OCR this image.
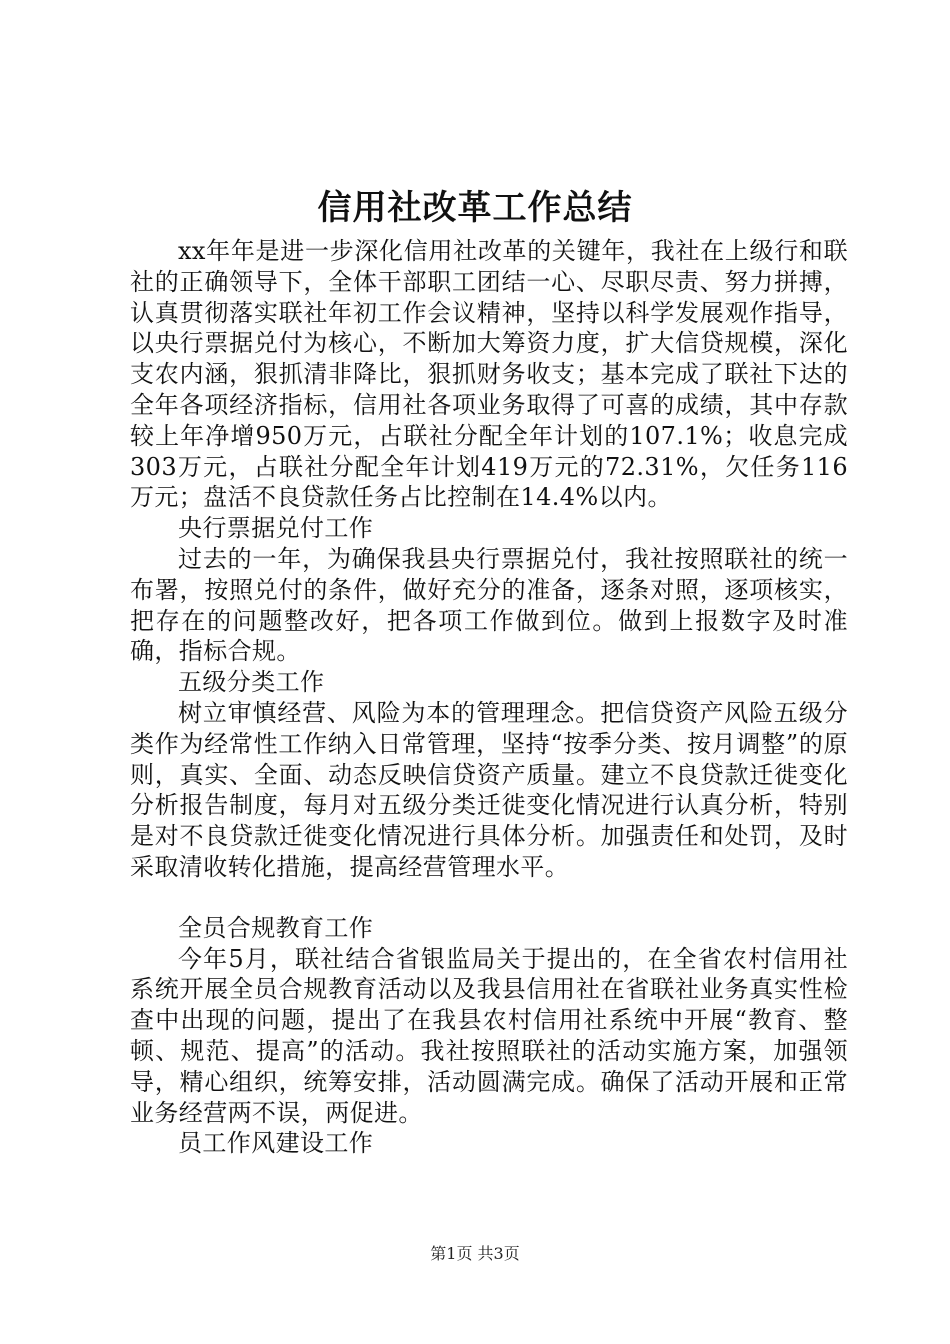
信用社改革工作总结

xx年年是进一步深化信用社改革的关键年，我社在上级行和联社的正确领导下，全体干部职工团结一心、尽职尽责、努力拼搏，认真贯彻落实联社年初工作会议精神，坚持以科学发展观作指导，以央行票据兑付为核心，不断加大筹资力度，扩大信贷规模，深化支农内涵，狠抓清非降比，狠抓财务收支；基本完成了联社下达的全年各项经济指标，信用社各项业务取得了可喜的成绩，其中存款较上年净增950万元，占联社分配全年计划的107.1%；收息完成303万元，占联社分配全年计划419万元的72.31%，欠任务116万元；盘活不良贷款任务占比控制在14.4%以内。

央行票据兑付工作

过去的一年，为确保我县央行票据兑付，我社按照联社的统一布署，按照兑付的条件，做好充分的准备，逐条对照，逐项核实，把存在的问题整改好，把各项工作做到位。做到上报数字及时准确，指标合规。

五级分类工作

树立审慎经营、风险为本的管理理念。把信贷资产风险五级分类作为经常性工作纳入日常管理，坚持“按季分类、按月调整”的原则，真实、全面、动态反映信贷资产质量。建立不良贷款迁徙变化分析报告制度，每月对五级分类迁徙变化情况进行认真分析，特别是对不良贷款迁徙变化情况进行具体分析。加强责任和处罚，及时采取清收转化措施，提高经营管理水平。

全员合规教育工作

今年5月，联社结合省银监局关于提出的，在全省农村信用社系统开展全员合规教育活动以及我县信用社在省联社业务真实性检查中出现的问题，提出了在我县农村信用社系统中开展“教育、整顿、规范、提高”的活动。我社按照联社的活动实施方案，加强领导，精心组织，统筹安排，活动圆满完成。确保了活动开展和正常业务经营两不误，两促进。

员工作风建设工作

第1页 共3页
